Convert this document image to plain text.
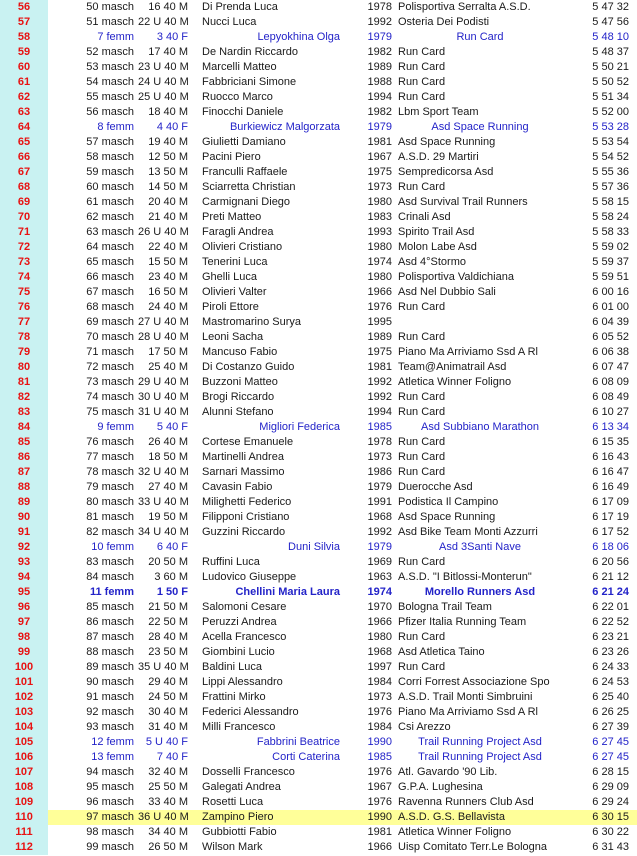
56	50 masch	16 40 M	Di Prenda Luca	1978 Polisportiva Serralta A.S.D.	5 47 32
57	51 masch 22 U 40 M	Nucci Luca	1992 Osteria Dei Podisti	5 47 56
58	7 femm	3 40 F	Lepyokhina Olga	1979	Run Card	5 48 10
59	52 masch	17 40 M	De Nardin Riccardo	1982 Run Card	5 48 37
60	53 masch 23 U 40 M	Marcelli Matteo	1989 Run Card	5 50 21
61	54 masch 24 U 40 M	Fabbriciani Simone	1988 Run Card	5 50 52
62	55 masch 25 U 40 M	Ruocco Marco	1994 Run Card	5 51 34
63	56 masch	18 40 M	Finocchi Daniele	1982 Lbm Sport Team	5 52 00
64	8 femm	4 40 F	Burkiewicz Malgorzata	1979	Asd Space Running	5 53 28
65	57 masch	19 40 M	Giulietti Damiano	1981 Asd Space Running	5 53 54
66	58 masch	12 50 M	Pacini Piero	1967 A.S.D. 29 Martiri	5 54 52
67	59 masch	13 50 M	Franculli Raffaele	1975 Sempredicorsa Asd	5 55 36
68	60 masch	14 50 M	Sciarretta Christian	1973 Run Card	5 57 36
69	61 masch	20 40 M	Carmignani Diego	1980 Asd Survival Trail Runners	5 58 15
70	62 masch	21 40 M	Preti Matteo	1983 Crinali Asd	5 58 24
71	63 masch 26 U 40 M	Faragli Andrea	1993 Spirito Trail Asd	5 58 33
72	64 masch	22 40 M	Olivieri Cristiano	1980 Molon Labe Asd	5 59 02
73	65 masch	15 50 M	Tenerini Luca	1974 Asd 4°Stormo	5 59 37
74	66 masch	23 40 M	Ghelli Luca	1980 Polisportiva Valdichiana	5 59 51
75	67 masch	16 50 M	Olivieri Valter	1966 Asd Nel Dubbio Sali	6 00 16
76	68 masch	24 40 M	Piroli Ettore	1976 Run Card	6 01 00
77	69 masch 27 U 40 M	Mastromarino Surya	1995	6 04 39
78	70 masch 28 U 40 M	Leoni Sacha	1989 Run Card	6 05 52
79	71 masch	17 50 M	Mancuso Fabio	1975 Piano Ma Arriviamo Ssd A Rl	6 06 38
80	72 masch	25 40 M	Di Costanzo Guido	1981 Team@Animatrail Asd	6 07 47
81	73 masch 29 U 40 M	Buzzoni Matteo	1992 Atletica Winner Foligno	6 08 09
82	74 masch 30 U 40 M	Brogi Riccardo	1992 Run Card	6 08 49
83	75 masch 31 U 40 M	Alunni Stefano	1994 Run Card	6 10 27
84	9 femm	5 40 F	Migliori Federica	1985	Asd Subbiano Marathon	6 13 34
85	76 masch	26 40 M	Cortese Emanuele	1978 Run Card	6 15 35
86	77 masch	18 50 M	Martinelli Andrea	1973 Run Card	6 16 43
87	78 masch 32 U 40 M	Sarnari Massimo	1986 Run Card	6 16 47
88	79 masch	27 40 M	Cavasin Fabio	1979 Duerocche Asd	6 16 49
89	80 masch 33 U 40 M	Milighetti Federico	1991 Podistica Il Campino	6 17 09
90	81 masch	19 50 M	Filipponi Cristiano	1968 Asd Space Running	6 17 19
91	82 masch 34 U 40 M	Guzzini Riccardo	1992 Asd Bike Team Monti Azzurri	6 17 52
92	10 femm	6 40 F	Duni Silvia	1979	Asd 3Santi Nave	6 18 06
93	83 masch	20 50 M	Ruffini Luca	1969 Run Card	6 20 56
94	84 masch	3 60 M	Ludovico Giuseppe	1963 A.S.D. "I Bitlossi-Monterun"	6 21 12
95	11 femm	1 50 F	Chellini Maria Laura	1974	Morello Runners Asd	6 21 24
96	85 masch	21 50 M	Salomoni Cesare	1970 Bologna Trail Team	6 22 01
97	86 masch	22 50 M	Peruzzi Andrea	1966 Pfizer Italia Running Team	6 22 52
98	87 masch	28 40 M	Acella Francesco	1980 Run Card	6 23 21
99	88 masch	23 50 M	Giombini Lucio	1968 Asd Atletica Taino	6 23 26
100	89 masch 35 U 40 M	Baldini Luca	1997 Run Card	6 24 33
101	90 masch	29 40 M	Lippi Alessandro	1984 Corri Forrest Associazione Spo	6 24 53
102	91 masch	24 50 M	Frattini Mirko	1973 A.S.D. Trail Monti Simbruini	6 25 40
103	92 masch	30 40 M	Federici Alessandro	1976 Piano Ma Arriviamo Ssd A Rl	6 26 25
104	93 masch	31 40 M	Milli Francesco	1984 Csi Arezzo	6 27 39
105	12 femm	5 U 40 F	Fabbrini Beatrice	1990	Trail Running Project Asd	6 27 45
106	13 femm	7 40 F	Corti Caterina	1985	Trail Running Project Asd	6 27 45
107	94 masch	32 40 M	Dosselli Francesco	1976 Atl. Gavardo '90 Lib.	6 28 15
108	95 masch	25 50 M	Galegati Andrea	1967 G.P.A. Lughesina	6 29 09
109	96 masch	33 40 M	Rosetti Luca	1976 Ravenna Runners Club Asd	6 29 24
110	97 masch 36 U 40 M	Zampino Piero	1990 A.S.D. G.S. Bellavista	6 30 15
111	98 masch	34 40 M	Gubbiotti Fabio	1981 Atletica Winner Foligno	6 30 22
112	99 masch	26 50 M	Wilson Mark	1966 Uisp Comitato Terr.Le Bologna	6 31 43
